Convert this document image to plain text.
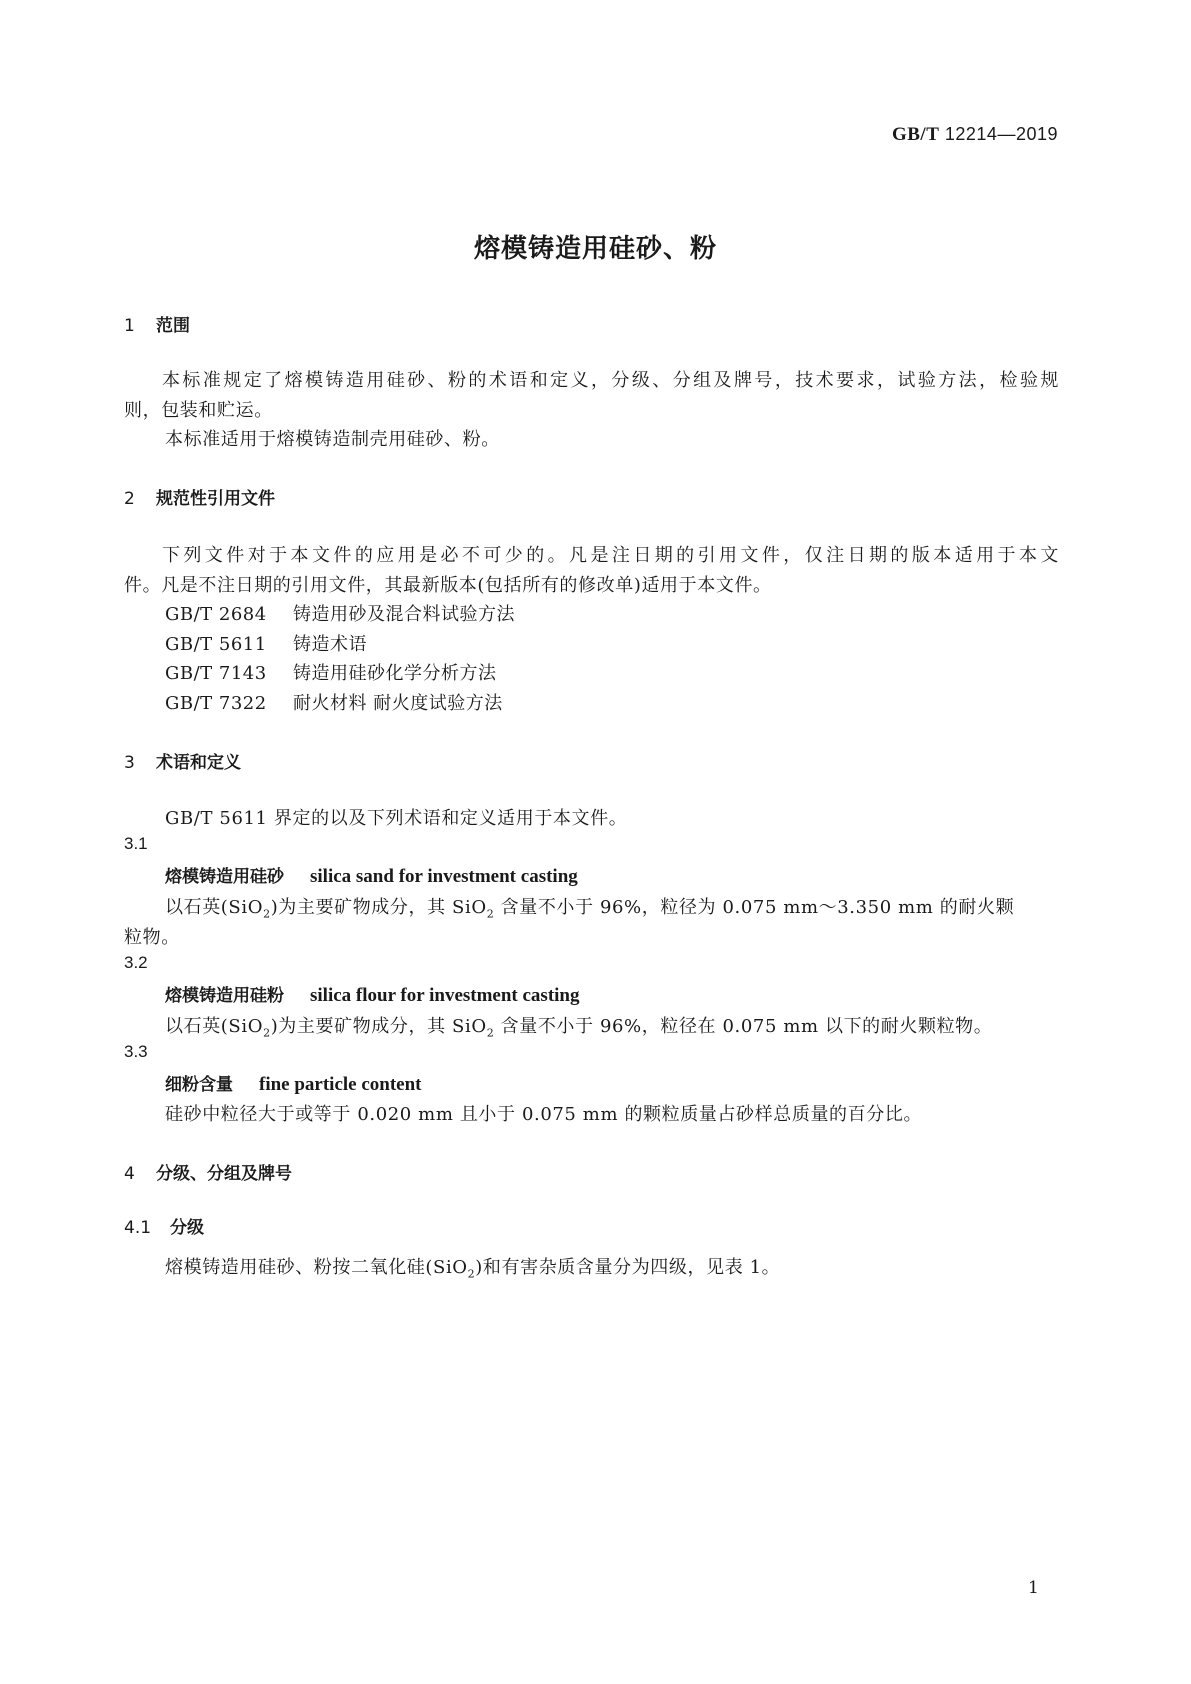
GB/T 12214—2019
熔模铸造用硅砂、粉
1 范围
本标准规定了熔模铸造用硅砂、粉的术语和定义，分级、分组及牌号，技术要求，试验方法，检验规
则，包装和贮运。
本标准适用于熔模铸造制壳用硅砂、粉。
2 规范性引用文件
下列文件对于本文件的应用是必不可少的。凡是注日期的引用文件，仅注日期的版本适用于本文
件。凡是不注日期的引用文件，其最新版本(包括所有的修改单)适用于本文件。
GB/T 2684 铸造用砂及混合料试验方法
GB/T 5611 铸造术语
GB/T 7143 铸造用硅砂化学分析方法
GB/T 7322 耐火材料 耐火度试验方法
3 术语和定义
GB/T 5611 界定的以及下列术语和定义适用于本文件。
3.1
熔模铸造用硅砂 silica sand for investment casting
以石英(SiO$_2$)为主要矿物成分，其 SiO$_2$ 含量不小于 96%，粒径为 0.075 mm～3.350 mm 的耐火颗
粒物。
3.2
熔模铸造用硅粉 silica flour for investment casting
以石英(SiO$_2$)为主要矿物成分，其 SiO$_2$ 含量不小于 96%，粒径在 0.075 mm 以下的耐火颗粒物。
3.3
细粉含量 fine particle content
硅砂中粒径大于或等于 0.020 mm 且小于 0.075 mm 的颗粒质量占砂样总质量的百分比。
4 分级、分组及牌号
4.1 分级
熔模铸造用硅砂、粉按二氧化硅(SiO$_2$)和有害杂质含量分为四级，见表 1。
1
